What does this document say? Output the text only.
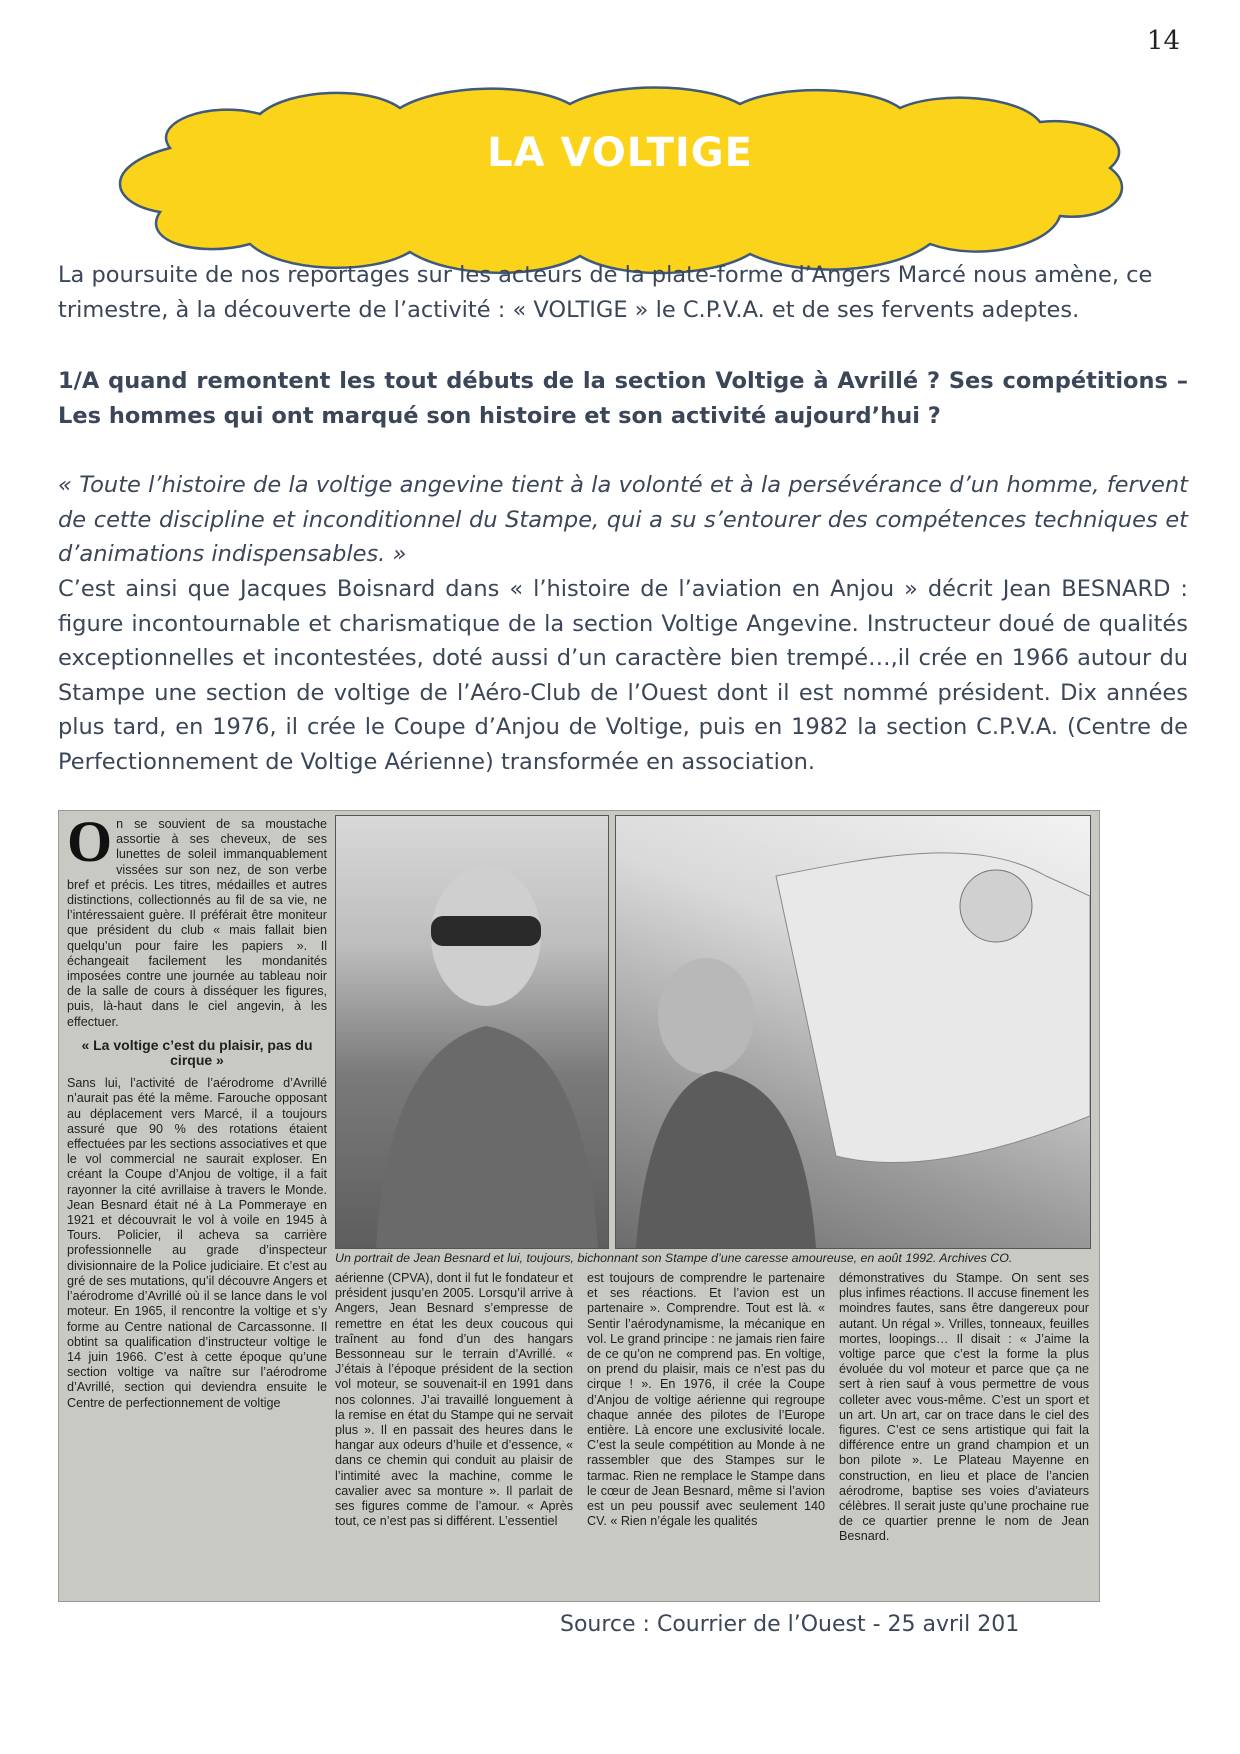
14
LA VOLTIGE
La poursuite de nos reportages sur les acteurs de la plate-forme d’Angers Marcé nous amène, ce trimestre, à la découverte de l’activité : « VOLTIGE » le C.P.V.A. et de ses fervents adeptes.
1/A quand remontent les tout débuts de la section Voltige à Avrillé ? Ses compétitions – Les hommes qui ont marqué son histoire et son activité aujourd’hui ?
« Toute l’histoire de la voltige angevine tient à la volonté et à la persévérance d’un homme, fervent de cette discipline et inconditionnel du Stampe, qui a su s’entourer des compétences techniques et d’animations indispensables. »
C’est ainsi que Jacques Boisnard dans « l’histoire de l’aviation en Anjou » décrit Jean BESNARD : figure incontournable et charismatique de la section Voltige Angevine. Instructeur doué de qualités exceptionnelles et incontestées, doté aussi d’un caractère bien trempé…,il crée en 1966 autour du Stampe une section de voltige de l’Aéro-Club de l’Ouest dont il est nommé président. Dix années plus tard, en 1976, il crée le Coupe d’Anjou de Voltige, puis en 1982 la section C.P.V.A. (Centre de Perfectionnement de Voltige Aérienne) transformée en association.
O n se souvient de sa moustache assortie à ses cheveux, de ses lunettes de soleil immanquablement vissées sur son nez, de son verbe bref et précis. Les titres, médailles et autres distinctions, collectionnés au fil de sa vie, ne l’intéressaient guère. Il préférait être moniteur que président du club « mais fallait bien quelqu’un pour faire les papiers ». Il échangeait facilement les mondanités imposées contre une journée au tableau noir de la salle de cours à disséquer les figures, puis, là-haut dans le ciel angevin, à les effectuer.
« La voltige c’est du plaisir, pas du cirque »
Sans lui, l’activité de l’aérodrome d’Avrillé n’aurait pas été la même. Farouche opposant au déplacement vers Marcé, il a toujours assuré que 90 % des rotations étaient effectuées par les sections associatives et que le vol commercial ne saurait exploser. En créant la Coupe d’Anjou de voltige, il a fait rayonner la cité avrillaise à travers le Monde. Jean Besnard était né à La Pommeraye en 1921 et découvrait le vol à voile en 1945 à Tours. Policier, il acheva sa carrière professionnelle au grade d’inspecteur divisionnaire de la Police judiciaire. Et c’est au gré de ses mutations, qu’il découvre Angers et l’aérodrome d’Avrillé où il se lance dans le vol moteur. En 1965, il rencontre la voltige et s’y forme au Centre national de Carcassonne. Il obtint sa qualification d’instructeur voltige le 14 juin 1966. C’est à cette époque qu’une section voltige va naître sur l’aérodrome d’Avrillé, section qui deviendra ensuite le Centre de perfectionnement de voltige
Un portrait de Jean Besnard et lui, toujours, bichonnant son Stampe d’une caresse amoureuse, en août 1992. Archives CO.
aérienne (CPVA), dont il fut le fondateur et président jusqu’en 2005. Lorsqu’il arrive à Angers, Jean Besnard s’empresse de remettre en état les deux coucous qui traînent au fond d’un des hangars Bessonneau sur le terrain d’Avrillé. « J’étais à l’époque président de la section vol moteur, se souvenait-il en 1991 dans nos colonnes. J’ai travaillé longuement à la remise en état du Stampe qui ne servait plus ». Il en passait des heures dans le hangar aux odeurs d’huile et d’essence, « dans ce chemin qui conduit au plaisir de l’intimité avec la machine, comme le cavalier avec sa monture ». Il parlait de ses figures comme de l’amour. « Après tout, ce n’est pas si différent. L’essentiel
est toujours de comprendre le partenaire et ses réactions. Et l’avion est un partenaire ». Comprendre. Tout est là. « Sentir l’aérodynamisme, la mécanique en vol. Le grand principe : ne jamais rien faire de ce qu’on ne comprend pas. En voltige, on prend du plaisir, mais ce n’est pas du cirque ! ». En 1976, il crée la Coupe d’Anjou de voltige aérienne qui regroupe chaque année des pilotes de l’Europe entière. Là encore une exclusivité locale. C’est la seule compétition au Monde à ne rassembler que des Stampes sur le tarmac. Rien ne remplace le Stampe dans le cœur de Jean Besnard, même si l’avion est un peu poussif avec seulement 140 CV. « Rien n’égale les qualités
démonstratives du Stampe. On sent ses plus infimes réactions. Il accuse finement les moindres fautes, sans être dangereux pour autant. Un régal ». Vrilles, tonneaux, feuilles mortes, loopings… Il disait : « J’aime la voltige parce que c’est la forme la plus évoluée du vol moteur et parce que ça ne sert à rien sauf à vous permettre de vous colleter avec vous-même. C’est un sport et un art. Un art, car on trace dans le ciel des figures. C’est ce sens artistique qui fait la différence entre un grand champion et un bon pilote ». Le Plateau Mayenne en construction, en lieu et place de l’ancien aérodrome, baptise ses voies d’aviateurs célèbres. Il serait juste qu’une prochaine rue de ce quartier prenne le nom de Jean Besnard.
Source : Courrier de l’Ouest - 25 avril 201
